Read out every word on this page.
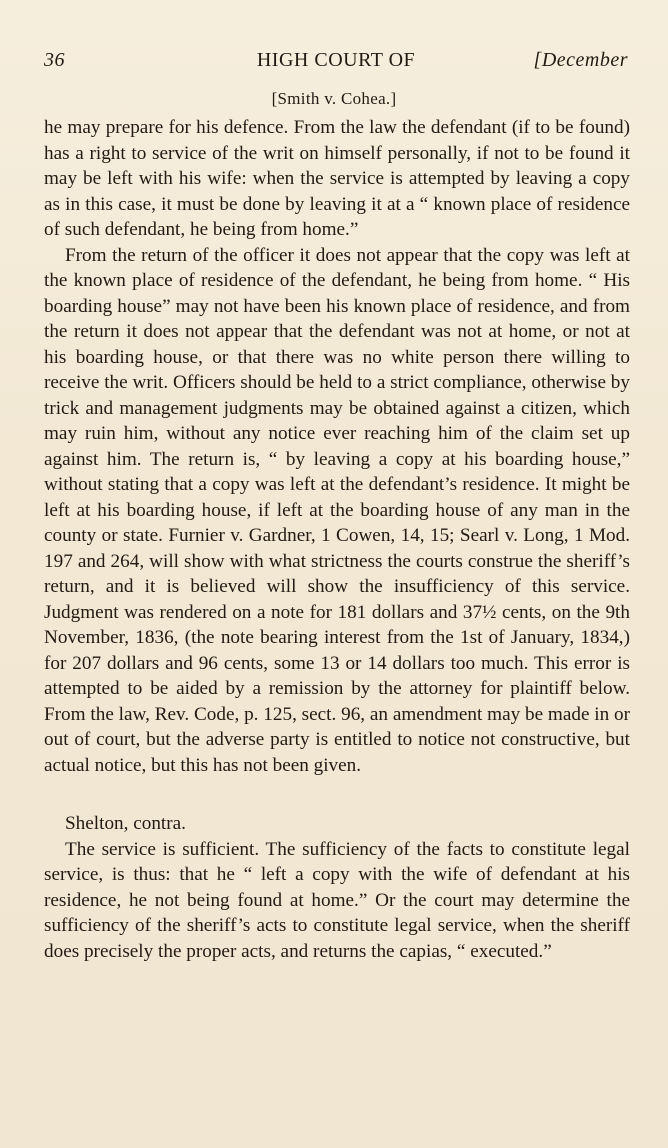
HIGH COURT OF
36	[December
[Smith v. Cohea.]

he may prepare for his defence. From the law the defendant (if to be found) has a right to service of the writ on himself personally, if not to be found it may be left with his wife: when the service is attempted by leaving a copy as in this case, it must be done by leaving it at a “ known place of residence of such defendant, he being from home.”

From the return of the officer it does not appear that the copy was left at the known place of residence of the defendant, he being from home. “ His boarding house” may not have been his known place of residence, and from the return it does not appear that the defendant was not at home, or not at his boarding house, or that there was no white person there willing to receive the writ. Officers should be held to a strict compliance, otherwise by trick and management judgments may be obtained against a citizen, which may ruin him, without any notice ever reaching him of the claim set up against him. The return is, “ by leaving a copy at his boarding house,” without stating that a copy was left at the defendant’s residence. It might be left at his boarding house, if left at the boarding house of any man in the county or state. Furnier v. Gardner, 1 Cowen, 14, 15; Searl v. Long, 1 Mod. 197 and 264, will show with what strictness the courts construe the sheriff’s return, and it is believed will show the insufficiency of this service. Judgment was rendered on a note for 181 dollars and 37½ cents, on the 9th November, 1836, (the note bearing interest from the 1st of January, 1834,) for 207 dollars and 96 cents, some 13 or 14 dollars too much. This error is attempted to be aided by a remission by the attorney for plaintiff below. From the law, Rev. Code, p. 125, sect. 96, an amendment may be made in or out of court, but the adverse party is entitled to notice not constructive, but actual notice, but this has not been given.

Shelton, contra.

The service is sufficient. The sufficiency of the facts to constitute legal service, is thus: that he “ left a copy with the wife of defendant at his residence, he not being found at home.” Or the court may determine the sufficiency of the sheriff’s acts to constitute legal service, when the sheriff does precisely the proper acts, and returns the capias, “ executed.”
